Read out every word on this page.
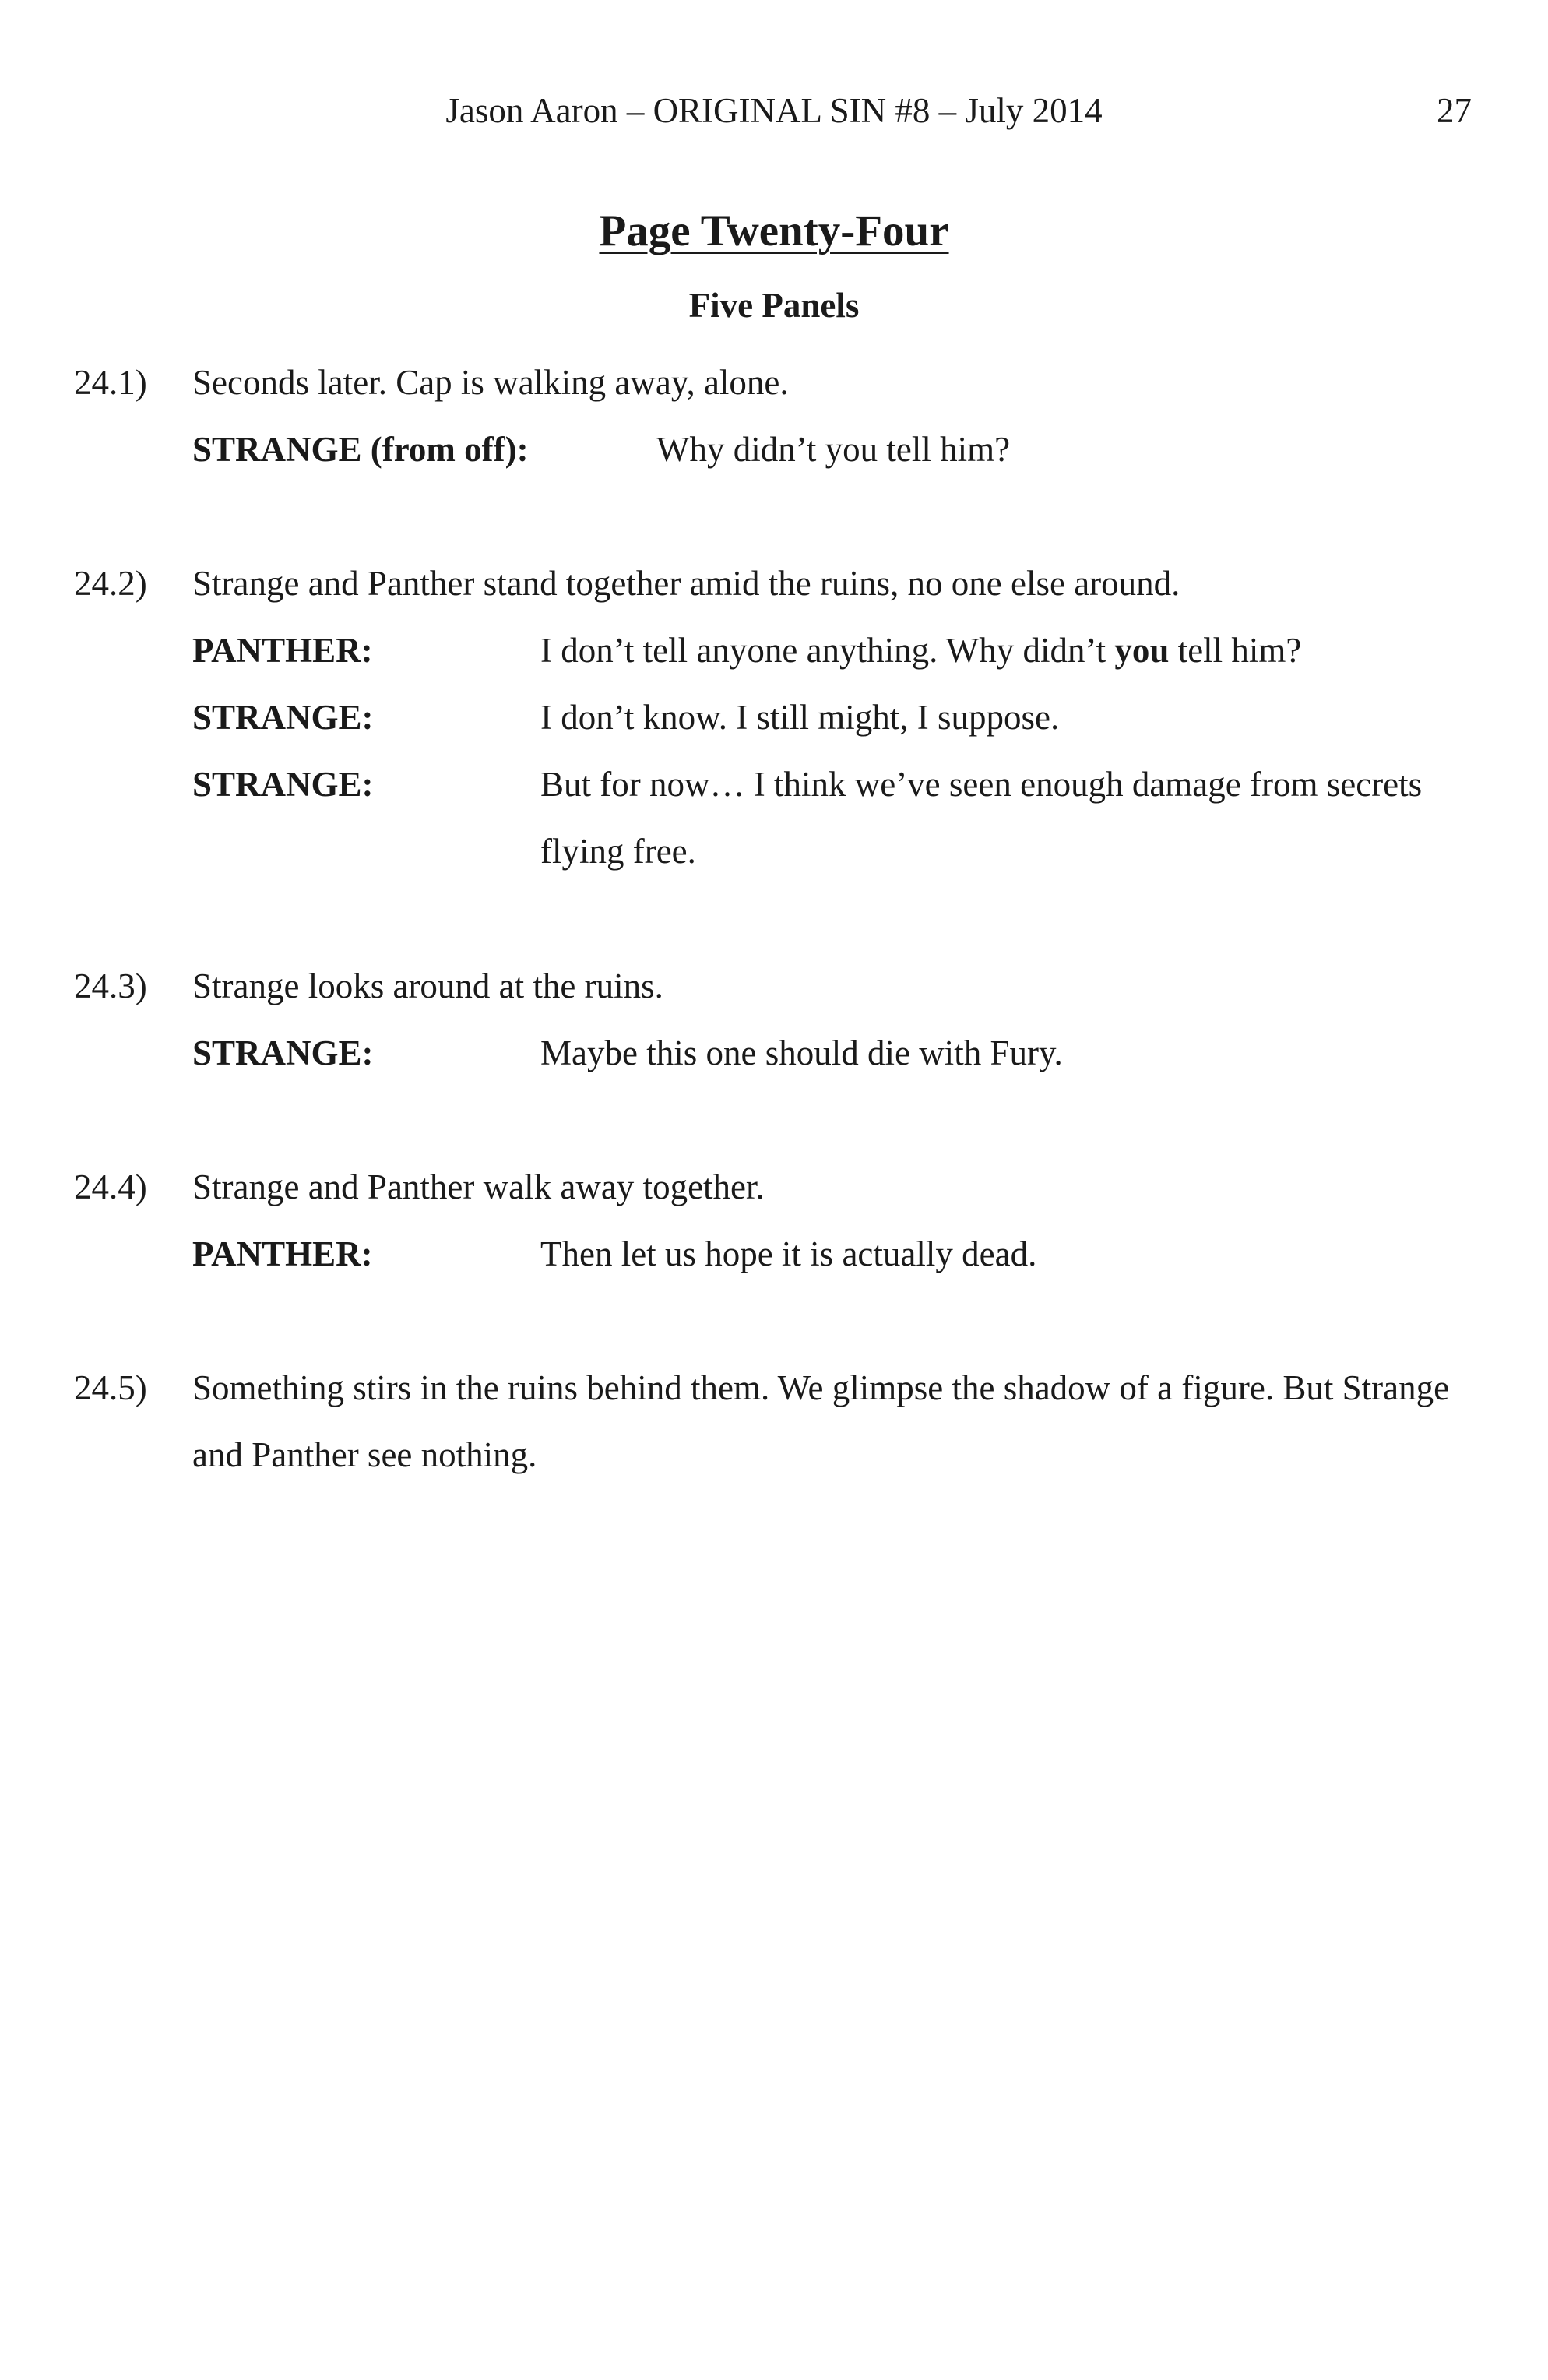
Jason Aaron – ORIGINAL SIN #8 – July 2014	27
Page Twenty-Four
Five Panels
24.1) Seconds later. Cap is walking away, alone.
STRANGE (from off):	Why didn’t you tell him?
24.2) Strange and Panther stand together amid the ruins, no one else around.
PANTHER:	I don’t tell anyone anything. Why didn’t you tell him?
STRANGE:	I don’t know. I still might, I suppose.
STRANGE:	But for now… I think we’ve seen enough damage from secrets flying free.
24.3) Strange looks around at the ruins.
STRANGE:	Maybe this one should die with Fury.
24.4) Strange and Panther walk away together.
PANTHER:	Then let us hope it is actually dead.
24.5) Something stirs in the ruins behind them. We glimpse the shadow of a figure. But Strange and Panther see nothing.
